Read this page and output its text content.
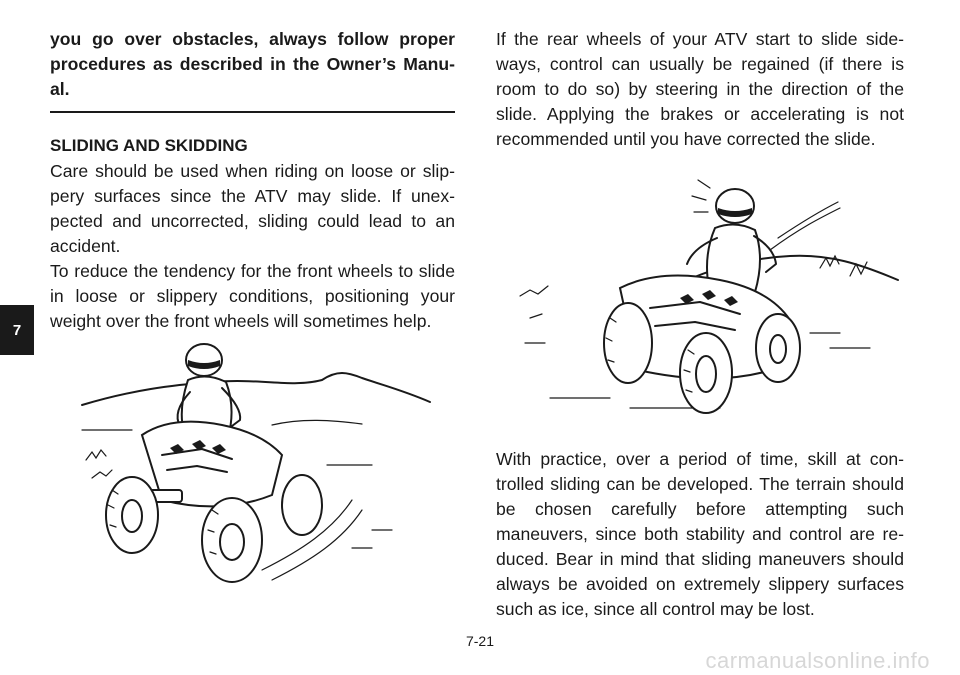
7

you go over obstacles, always follow proper procedures as described in the Owner’s Manu-al.

SLIDING AND SKIDDING

Care should be used when riding on loose or slip-pery surfaces since the ATV may slide. If unex-pected and uncorrected, sliding could lead to an accident.

To reduce the tendency for the front wheels to slide in loose or slippery conditions, positioning your weight over the front wheels will sometimes help.

If the rear wheels of your ATV start to slide side-ways, control can usually be regained (if there is room to do so) by steering in the direction of the slide. Applying the brakes or accelerating is not recommended until you have corrected the slide.

With practice, over a period of time, skill at con-trolled sliding can be developed. The terrain should be chosen carefully before attempting such maneuvers, since both stability and control are re-duced. Bear in mind that sliding maneuvers should always be avoided on extremely slippery surfaces such as ice, since all control may be lost.

7-21
carmanualsonline.info
